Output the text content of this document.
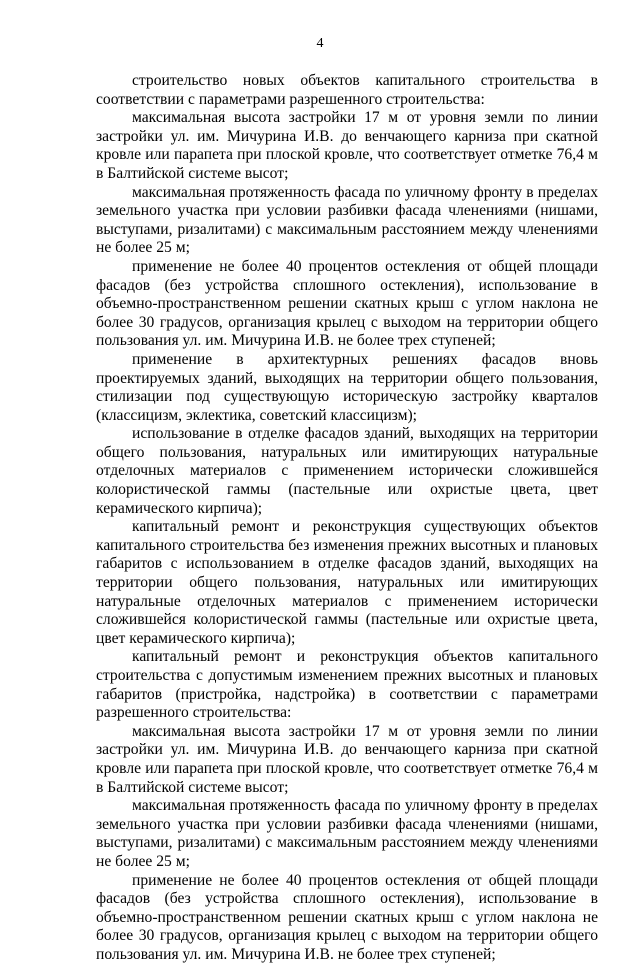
4

строительство новых объектов капитального строительства в соответствии с параметрами разрешенного строительства:

максимальная высота застройки 17 м от уровня земли по линии застройки ул. им. Мичурина И.В. до венчающего карниза при скатной кровле или парапета при плоской кровле, что соответствует отметке 76,4 м в Балтийской системе высот;

максимальная протяженность фасада по уличному фронту в пределах земельного участка при условии разбивки фасада членениями (нишами, выступами, ризалитами) с максимальным расстоянием между членениями не более 25 м;

применение не более 40 процентов остекления от общей площади фасадов (без устройства сплошного остекления), использование в объемно-пространственном решении скатных крыш с углом наклона не более 30 градусов, организация крылец с выходом на территории общего пользования ул. им. Мичурина И.В. не более трех ступеней;

применение в архитектурных решениях фасадов вновь проектируемых зданий, выходящих на территории общего пользования, стилизации под существующую историческую застройку кварталов (классицизм, эклектика, советский классицизм);

использование в отделке фасадов зданий, выходящих на территории общего пользования, натуральных или имитирующих натуральные отделочных материалов с применением исторически сложившейся колористической гаммы (пастельные или охристые цвета, цвет керамического кирпича);

капитальный ремонт и реконструкция существующих объектов капитального строительства без изменения прежних высотных и плановых габаритов с использованием в отделке фасадов зданий, выходящих на территории общего пользования, натуральных или имитирующих натуральные отделочных материалов с применением исторически сложившейся колористической гаммы (пастельные или охристые цвета, цвет керамического кирпича);

капитальный ремонт и реконструкция объектов капитального строительства с допустимым изменением прежних высотных и плановых габаритов (пристройка, надстройка) в соответствии с параметрами разрешенного строительства:

максимальная высота застройки 17 м от уровня земли по линии застройки ул. им. Мичурина И.В. до венчающего карниза при скатной кровле или парапета при плоской кровле, что соответствует отметке 76,4 м в Балтийской системе высот;

максимальная протяженность фасада по уличному фронту в пределах земельного участка при условии разбивки фасада членениями (нишами, выступами, ризалитами) с максимальным расстоянием между членениями не более 25 м;

применение не более 40 процентов остекления от общей площади фасадов (без устройства сплошного остекления), использование в объемно-пространственном решении скатных крыш с углом наклона не более 30 градусов, организация крылец с выходом на территории общего пользования ул. им. Мичурина И.В. не более трех ступеней;
